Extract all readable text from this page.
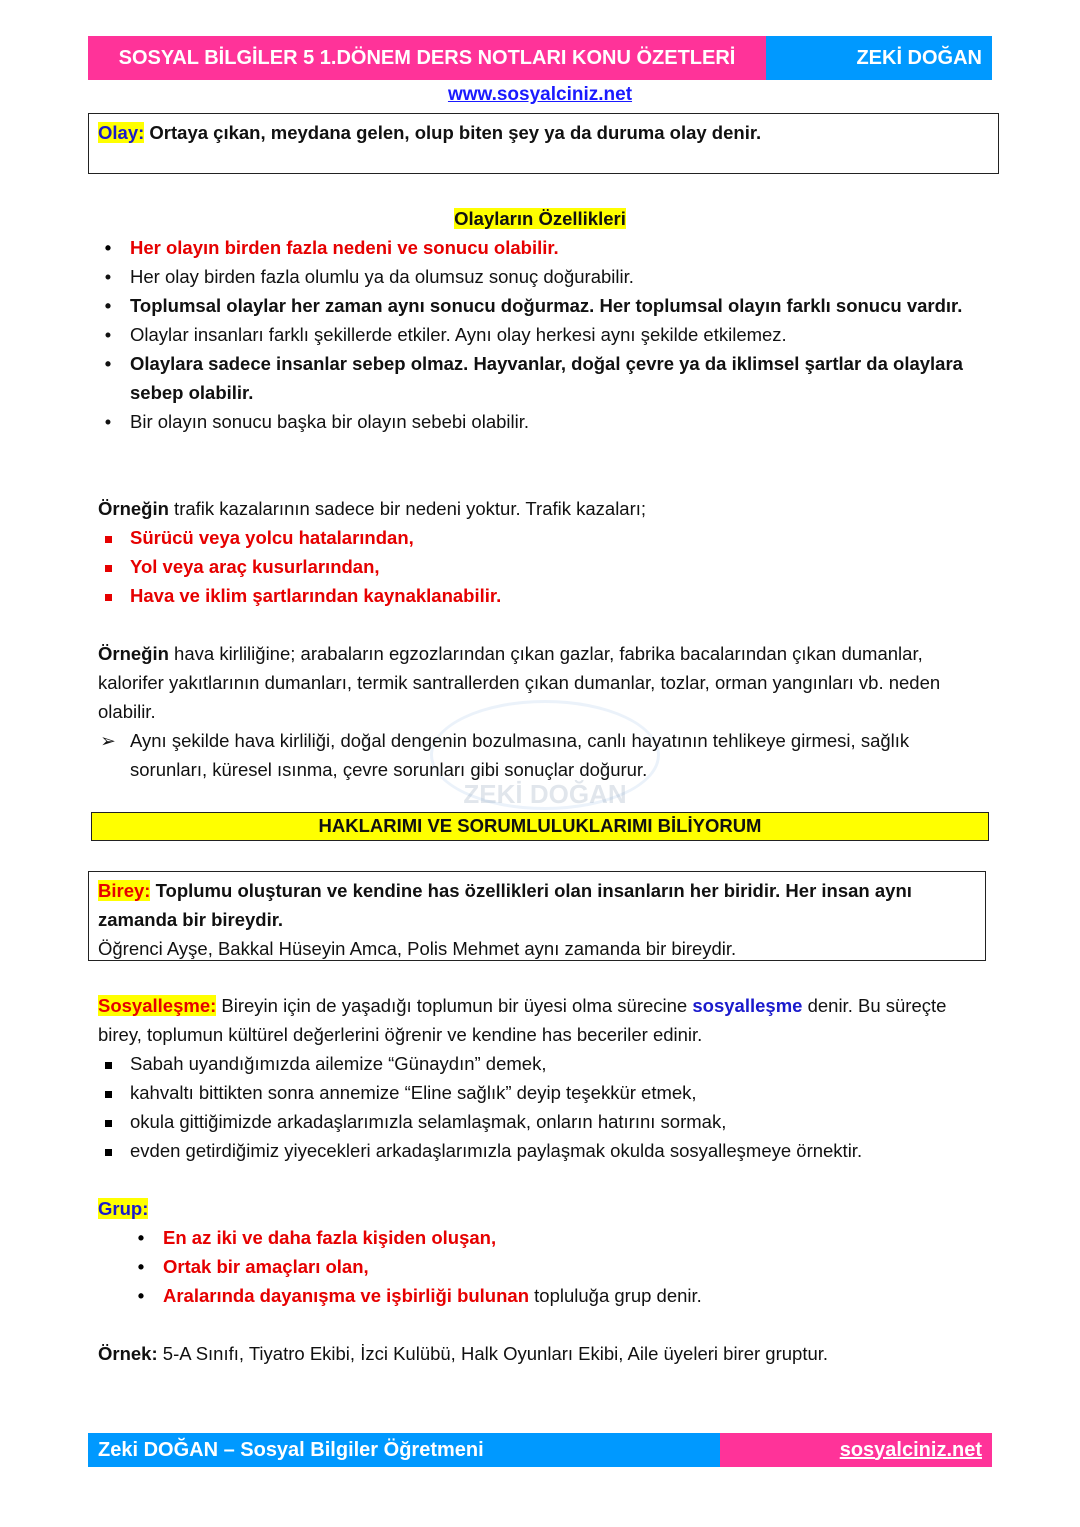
SOSYAL BİLGİLER 5 1.DÖNEM DERS NOTLARI KONU ÖZETLERİ	ZEKİ DOĞAN
www.sosyalciniz.net
Olay: Ortaya çıkan, meydana gelen, olup biten şey ya da duruma olay denir.
Olayların Özellikleri
•	Her olayın birden fazla nedeni ve sonucu olabilir.
•	Her olay birden fazla olumlu ya da olumsuz sonuç doğurabilir.
•	Toplumsal olaylar her zaman aynı sonucu doğurmaz. Her toplumsal olayın farklı sonucu vardır.
•	Olaylar insanları farklı şekillerde etkiler. Aynı olay herkesi aynı şekilde etkilemez.
•	Olaylara sadece insanlar sebep olmaz. Hayvanlar, doğal çevre ya da iklimsel şartlar da olaylara sebep olabilir.
•	Bir olayın sonucu başka bir olayın sebebi olabilir.
Örneğin trafik kazalarının sadece bir nedeni yoktur. Trafik kazaları;
Sürücü veya yolcu hatalarından,
Yol veya araç kusurlarından,
Hava ve iklim şartlarından kaynaklanabilir.
ZEKİ DOĞAN
Örneğin hava kirliliğine; arabaların egzozlarından çıkan gazlar, fabrika bacalarından çıkan dumanlar, kalorifer yakıtlarının dumanları, termik santrallerden çıkan dumanlar, tozlar, orman yangınları vb. neden olabilir.
➢ Aynı şekilde hava kirliliği, doğal dengenin bozulmasına, canlı hayatının tehlikeye girmesi, sağlık sorunları, küresel ısınma, çevre sorunları gibi sonuçlar doğurur.
HAKLARIMI VE SORUMLULUKLARIMI BİLİYORUM
Birey: Toplumu oluşturan ve kendine has özellikleri olan insanların her biridir. Her insan aynı zamanda bir bireydir.
Öğrenci Ayşe, Bakkal Hüseyin Amca, Polis Mehmet aynı zamanda bir bireydir.
Sosyalleşme: Bireyin için de yaşadığı toplumun bir üyesi olma sürecine sosyalleşme denir. Bu süreçte birey, toplumun kültürel değerlerini öğrenir ve kendine has beceriler edinir.
Sabah uyandığımızda ailemize “Günaydın” demek,
kahvaltı bittikten sonra annemize “Eline sağlık” deyip teşekkür etmek,
okula gittiğimizde arkadaşlarımızla selamlaşmak, onların hatırını sormak,
evden getirdiğimiz yiyecekleri arkadaşlarımızla paylaşmak okulda sosyalleşmeye örnektir.
Grup:
•	En az iki ve daha fazla kişiden oluşan,
•	Ortak bir amaçları olan,
•	Aralarında dayanışma ve işbirliği bulunan topluluğa grup denir.
Örnek: 5-A Sınıfı, Tiyatro Ekibi, İzci Kulübü, Halk Oyunları Ekibi, Aile üyeleri birer gruptur.
Zeki DOĞAN – Sosyal Bilgiler Öğretmeni	sosyalciniz.net
